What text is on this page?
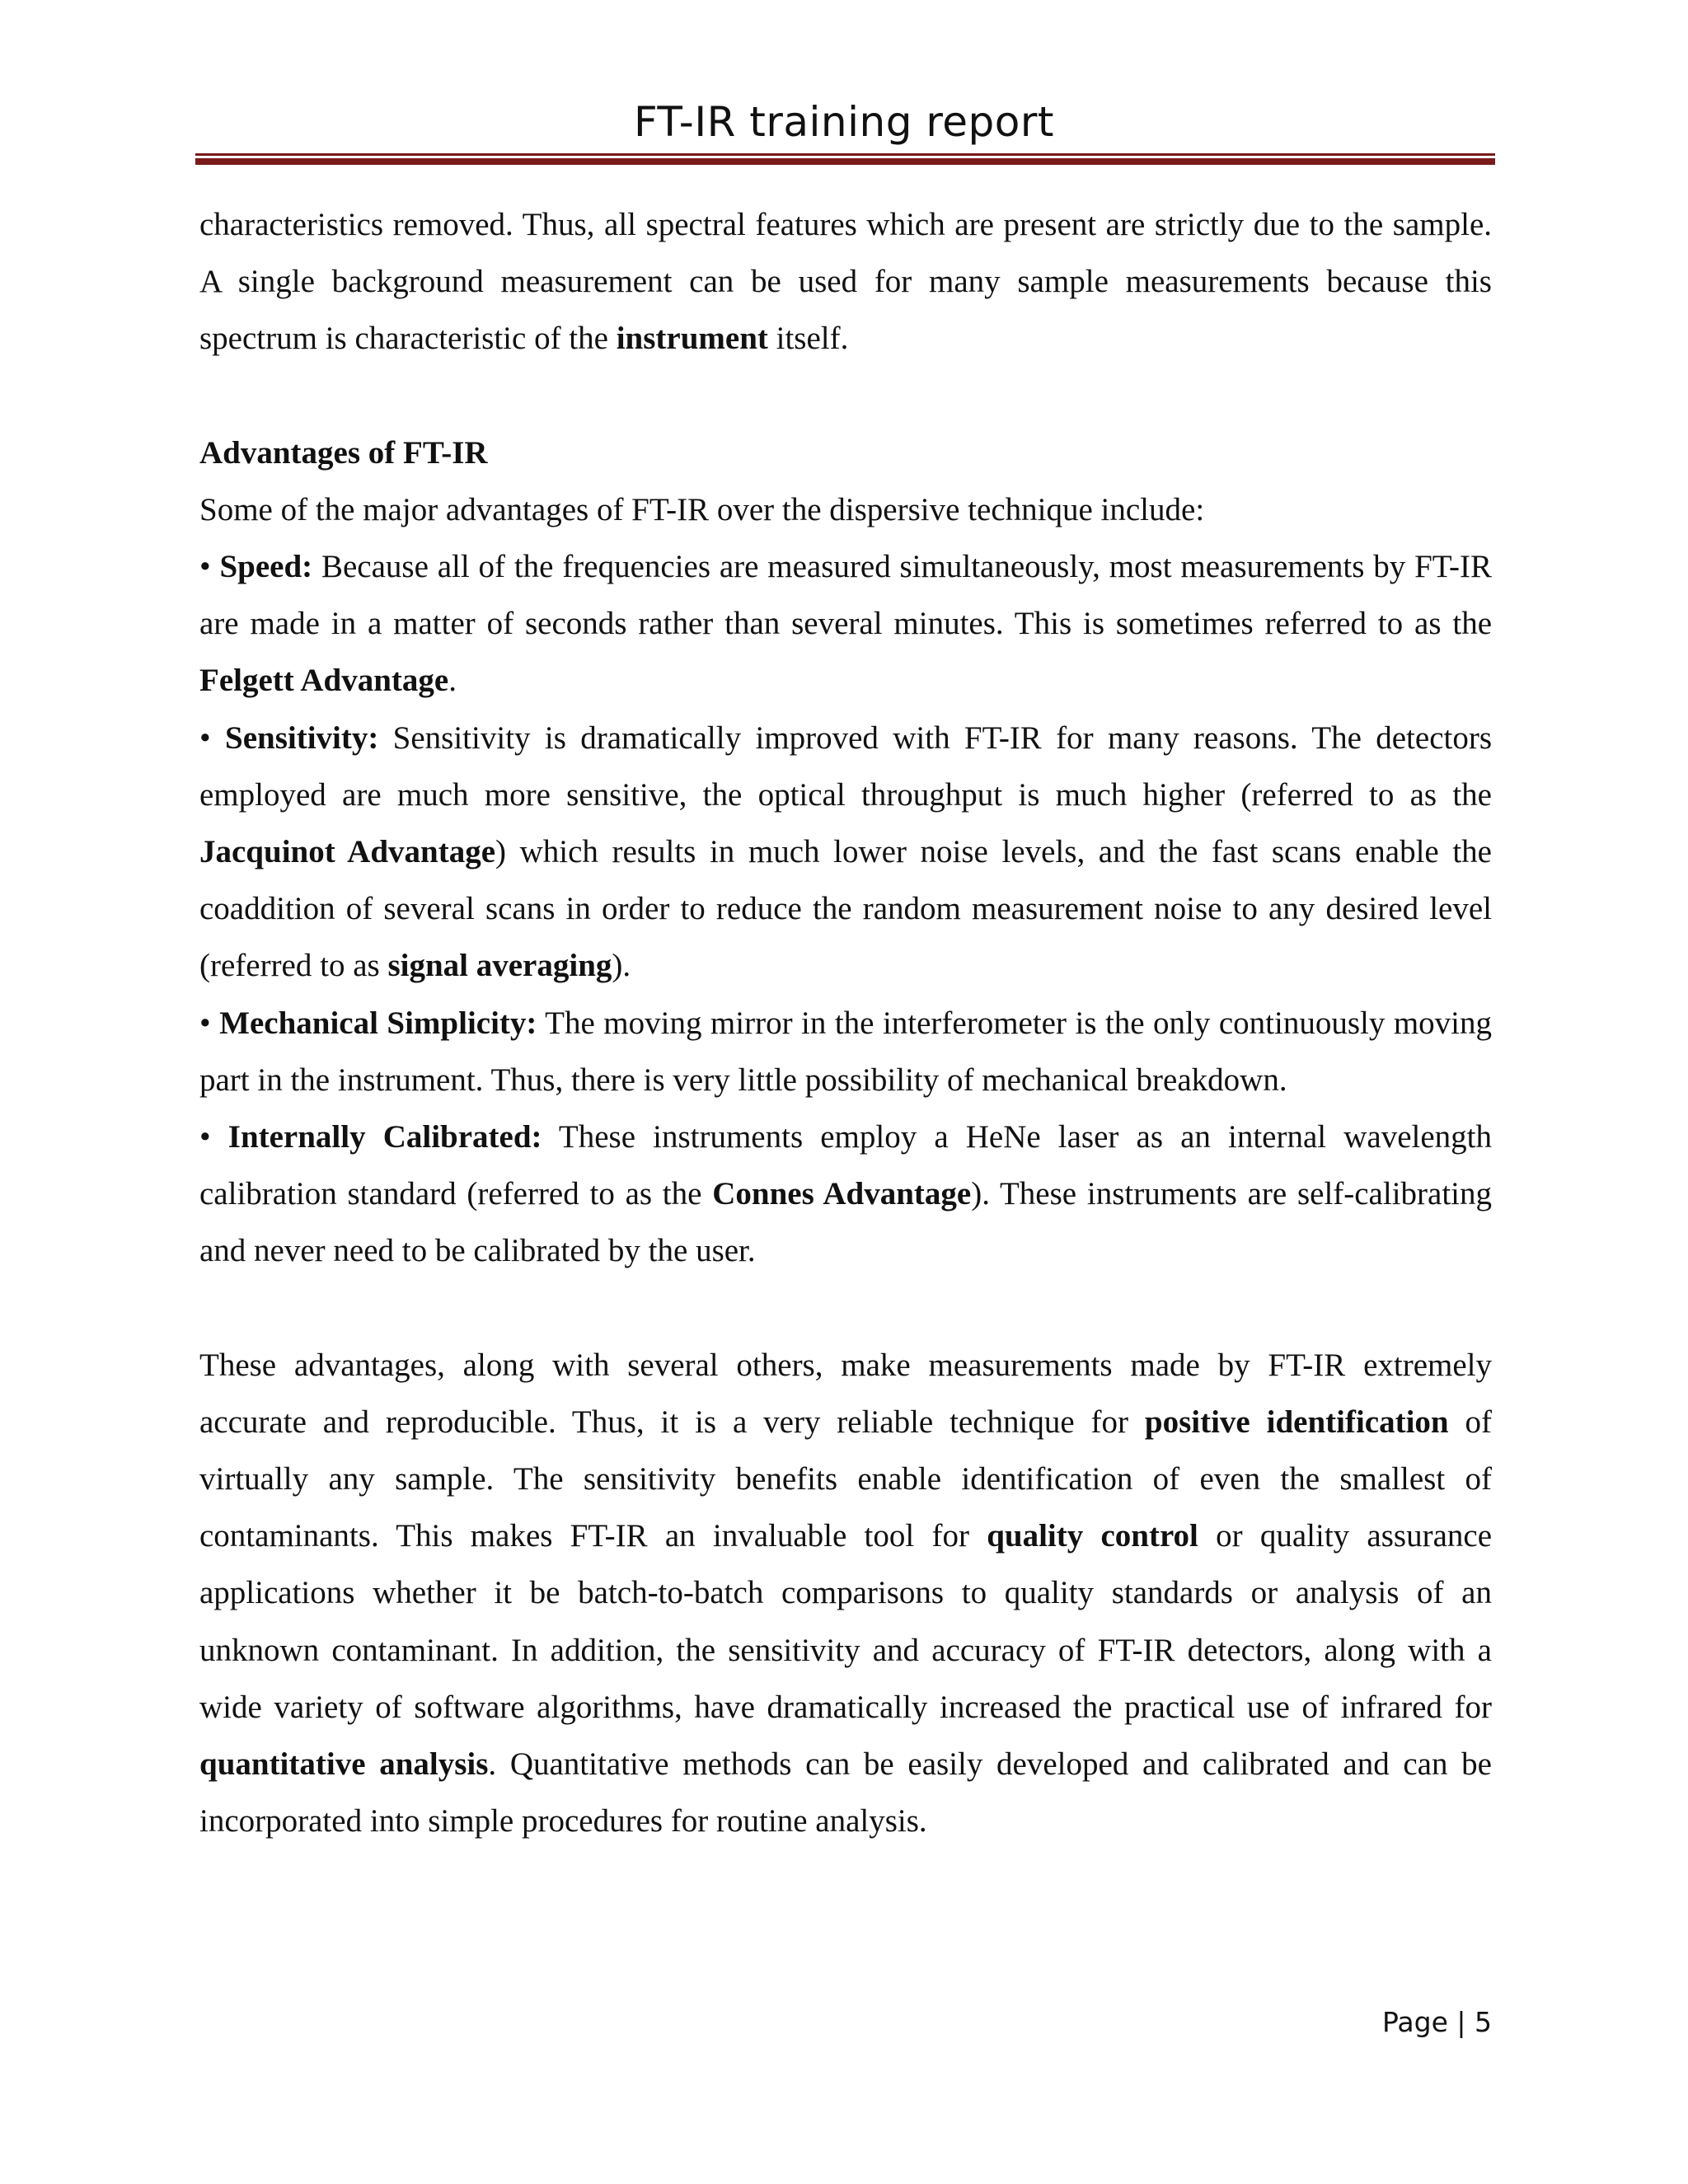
FT-IR training report

characteristics removed. Thus, all spectral features which are present are strictly due to the sample. A single background measurement can be used for many sample measurements because this spectrum is characteristic of the instrument itself.

Advantages of FT-IR

Some of the major advantages of FT-IR over the dispersive technique include:

• Speed: Because all of the frequencies are measured simultaneously, most measurements by FT-IR are made in a matter of seconds rather than several minutes. This is sometimes referred to as the Felgett Advantage.

• Sensitivity: Sensitivity is dramatically improved with FT-IR for many reasons. The detectors employed are much more sensitive, the optical throughput is much higher (referred to as the Jacquinot Advantage) which results in much lower noise levels, and the fast scans enable the coaddition of several scans in order to reduce the random measurement noise to any desired level (referred to as signal averaging).

• Mechanical Simplicity: The moving mirror in the interferometer is the only continuously moving part in the instrument. Thus, there is very little possibility of mechanical breakdown.

• Internally Calibrated: These instruments employ a HeNe laser as an internal wavelength calibration standard (referred to as the Connes Advantage). These instruments are self-calibrating and never need to be calibrated by the user.

These advantages, along with several others, make measurements made by FT-IR extremely accurate and reproducible. Thus, it is a very reliable technique for positive identification of virtually any sample. The sensitivity benefits enable identification of even the smallest of contaminants. This makes FT-IR an invaluable tool for quality control or quality assurance applications whether it be batch-to-batch comparisons to quality standards or analysis of an unknown contaminant. In addition, the sensitivity and accuracy of FT-IR detectors, along with a wide variety of software algorithms, have dramatically increased the practical use of infrared for quantitative analysis. Quantitative methods can be easily developed and calibrated and can be incorporated into simple procedures for routine analysis.

Page | 5
